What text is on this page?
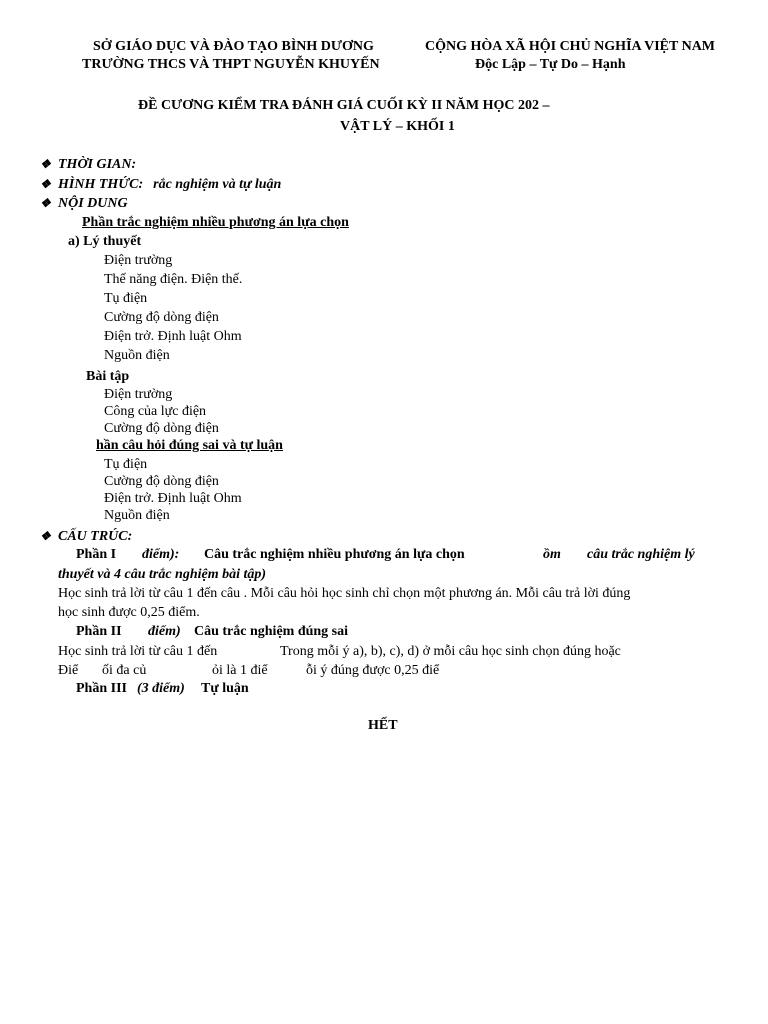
SỞ GIÁO DỤC VÀ ĐÀO TẠO BÌNH DƯƠNG
TRƯỜNG THCS VÀ THPT NGUYỄN KHUYẾN
CỘNG HÒA XÃ HỘI CHỦ NGHĨA VIỆT NAM
Độc Lập – Tự Do – Hạnh
ĐỀ CƯƠNG KIỂM TRA ĐÁNH GIÁ CUỐI KỲ II NĂM HỌC 202 –
VẬT LÝ – KHỐI 1
❖ THỜI GIAN:
❖ HÌNH THỨC: rắc nghiệm và tự luận
❖ NỘI DUNG
Phần trắc nghiệm nhiều phương án lựa chọn
a) Lý thuyết
Điện trường
Thế năng điện. Điện thế.
Tụ điện
Cường độ dòng điện
Điện trở. Định luật Ohm
Nguồn điện
Bài tập
Điện trường
Công của lực điện
Cường độ dòng điện
hần câu hỏi đúng sai và tự luận
Tụ điện
Cường độ dòng điện
Điện trở. Định luật Ohm
Nguồn điện
❖ CẤU TRÚC:
Phần I điểm): Câu trắc nghiệm nhiều phương án lựa chọn	ồm câu trắc nghiệm lý
thuyết và 4 câu trắc nghiệm bài tập)
Học sinh trả lời từ câu 1 đến câu . Mỗi câu hỏi học sinh chỉ chọn một phương án. Mỗi câu trả lời đúng
học sinh được 0,25 điểm.
Phần II điểm) Câu trắc nghiệm đúng sai
Học sinh trả lời từ câu 1 đến	Trong mỗi ý a), b), c), d) ở mỗi câu học sinh chọn đúng hoặc
Điể ối đa củ	ỏi là 1 điể	ỗi ý đúng được 0,25 điể
Phần III (3 điểm) Tự luận
HẾT
